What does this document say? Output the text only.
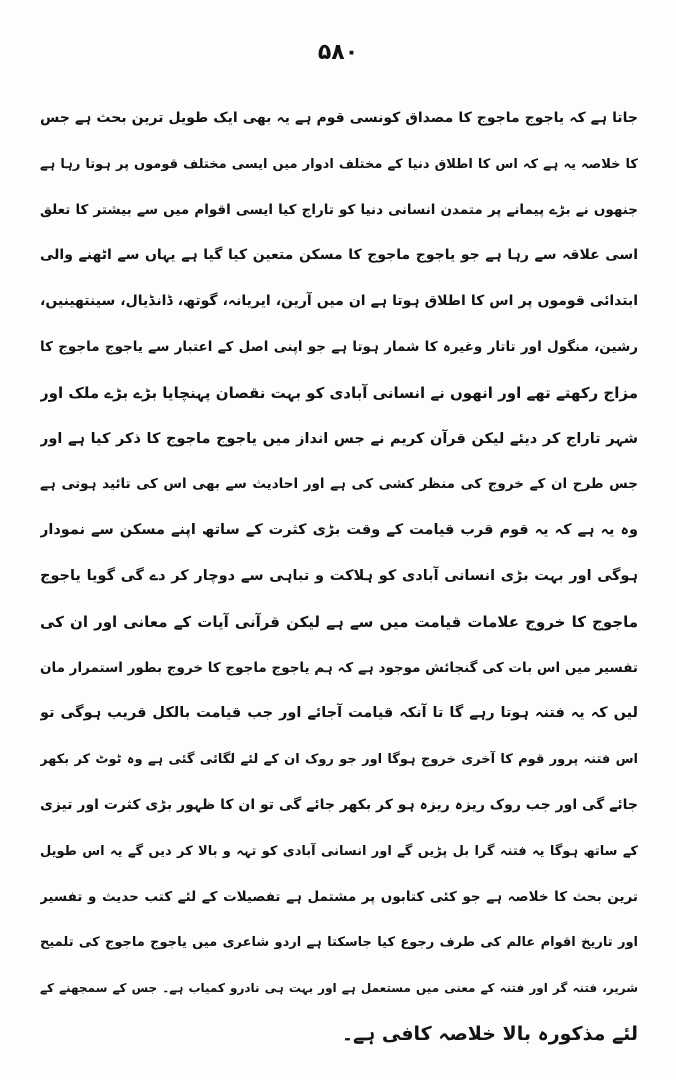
۵۸۰
جاتا ہے کہ یاجوج ماجوج کا مصداق کونسی قوم ہے یہ بھی ایک طویل ترین بحث ہے جس
کا خلاصہ یہ ہے کہ اس کا اطلاق دنیا کے مختلف ادوار میں ایسی مختلف قوموں پر ہوتا رہا ہے
جنھوں نے بڑے پیمانے پر متمدن انسانی دنیا کو تاراج کیا ایسی اقوام میں سے بیشتر کا تعلق
اسی علاقہ سے رہا ہے جو یاجوج ماجوج کا مسکن متعین کیا گیا ہے یہاں سے اٹھنے والی
ابتدائی قوموں پر اس کا اطلاق ہوتا ہے ان میں آرین، ایریانہ، گوتھ، ڈانڈیال، سینتھینیں،
رشین، منگول اور تاتار وغیرہ کا شمار ہوتا ہے جو اپنی اصل کے اعتبار سے یاجوج ماجوج کا
مزاج رکھتے تھے اور انھوں نے انسانی آبادی کو بہت نقصان پہنچایا بڑے بڑے ملک اور
شہر تاراج کر دیئے لیکن قرآن کریم نے جس انداز میں یاجوج ماجوج کا ذکر کیا ہے اور
جس طرح ان کے خروج کی منظر کشی کی ہے اور احادیث سے بھی اس کی تائید ہوتی ہے
وہ یہ ہے کہ یہ قوم قرب قیامت کے وقت بڑی کثرت کے ساتھ اپنے مسکن سے نمودار
ہوگی اور بہت بڑی انسانی آبادی کو ہلاکت و تباہی سے دوچار کر دے گی گویا یاجوج
ماجوج کا خروج علامات قیامت میں سے ہے لیکن قرآنی آیات کے معانی اور ان کی
تفسیر میں اس بات کی گنجائش موجود ہے کہ ہم یاجوج ماجوج کا خروج بطور استمرار مان
لیں کہ یہ فتنہ ہوتا رہے گا تا آنکہ قیامت آجائے اور جب قیامت بالکل قریب ہوگی تو
اس فتنہ پرور قوم کا آخری خروج ہوگا اور جو روک ان کے لئے لگائی گئی ہے وہ ٹوٹ کر بکھر
جائے گی اور جب روک ریزہ ریزہ ہو کر بکھر جائے گی تو ان کا ظہور بڑی کثرت اور تیزی
کے ساتھ ہوگا یہ فتنہ گرا بل پڑیں گے اور انسانی آبادی کو تہہ و بالا کر دیں گے یہ اس طویل
ترین بحث کا خلاصہ ہے جو کئی کتابوں پر مشتمل ہے تفصیلات کے لئے کتب حدیث و تفسیر
اور تاریخ اقوام عالم کی طرف رجوع کیا جاسکتا ہے اردو شاعری میں یاجوج ماجوج کی تلمیح
شریر، فتنہ گر اور فتنہ کے معنی میں مستعمل ہے اور بہت ہی نادرو کمیاب ہے۔ جس کے سمجھنے کے
لئے مذکورہ بالا خلاصہ کافی ہے۔
